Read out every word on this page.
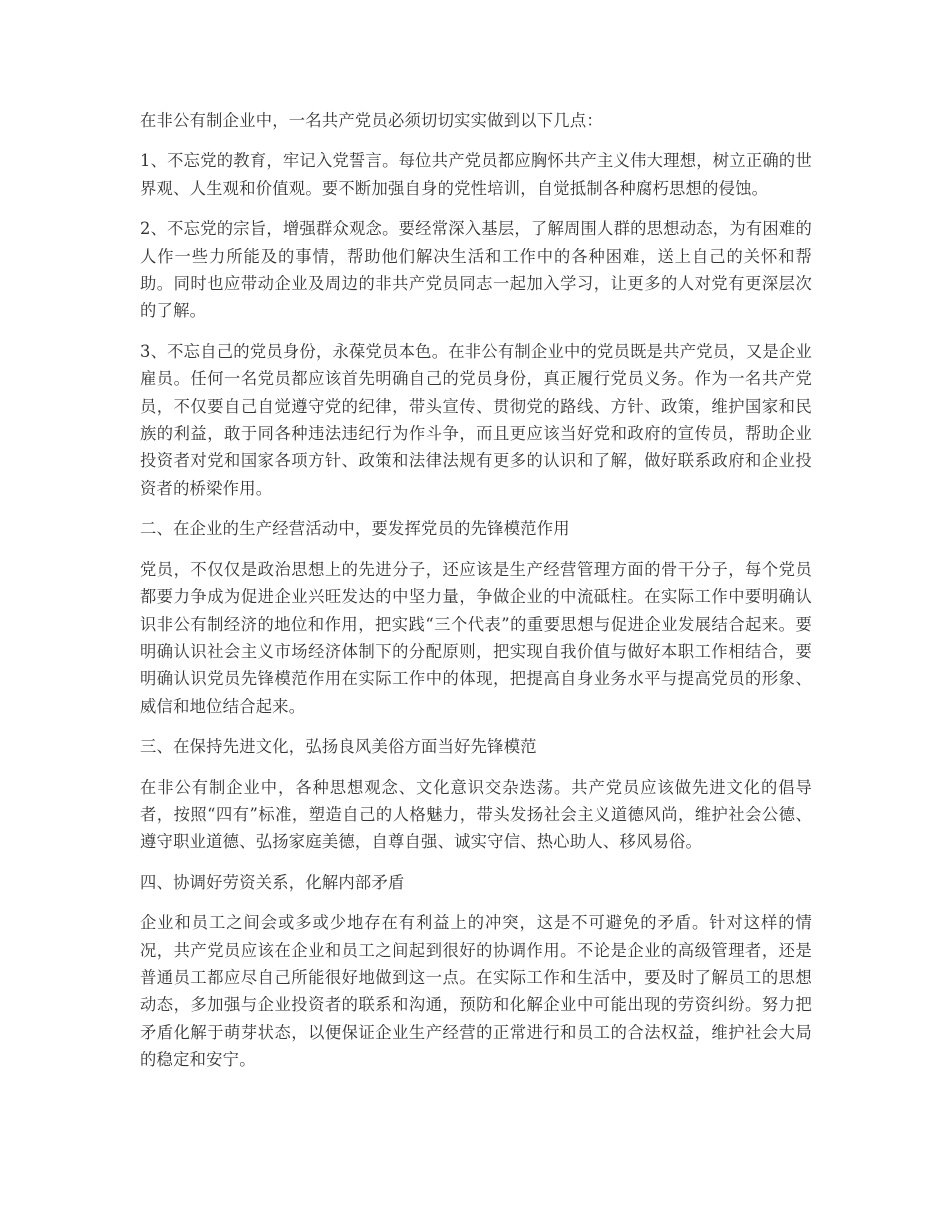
在非公有制企业中，一名共产党员必须切切实实做到以下几点：

1、不忘党的教育，牢记入党誓言。每位共产党员都应胸怀共产主义伟大理想，树立正确的世界观、人生观和价值观。要不断加强自身的党性培训，自觉抵制各种腐朽思想的侵蚀。

2、不忘党的宗旨，增强群众观念。要经常深入基层，了解周围人群的思想动态，为有困难的人作一些力所能及的事情，帮助他们解决生活和工作中的各种困难，送上自己的关怀和帮助。同时也应带动企业及周边的非共产党员同志一起加入学习，让更多的人对党有更深层次的了解。

3、不忘自己的党员身份，永葆党员本色。在非公有制企业中的党员既是共产党员，又是企业雇员。任何一名党员都应该首先明确自己的党员身份，真正履行党员义务。作为一名共产党员，不仅要自己自觉遵守党的纪律，带头宣传、贯彻党的路线、方针、政策，维护国家和民族的利益，敢于同各种违法违纪行为作斗争，而且更应该当好党和政府的宣传员，帮助企业投资者对党和国家各项方针、政策和法律法规有更多的认识和了解，做好联系政府和企业投资者的桥梁作用。

二、在企业的生产经营活动中，要发挥党员的先锋模范作用

党员，不仅仅是政治思想上的先进分子，还应该是生产经营管理方面的骨干分子，每个党员都要力争成为促进企业兴旺发达的中坚力量，争做企业的中流砥柱。在实际工作中要明确认识非公有制经济的地位和作用，把实践“三个代表”的重要思想与促进企业发展结合起来。要明确认识社会主义市场经济体制下的分配原则，把实现自我价值与做好本职工作相结合，要明确认识党员先锋模范作用在实际工作中的体现，把提高自身业务水平与提高党员的形象、威信和地位结合起来。

三、在保持先进文化，弘扬良风美俗方面当好先锋模范

在非公有制企业中，各种思想观念、文化意识交杂迭荡。共产党员应该做先进文化的倡导者，按照“四有”标准，塑造自己的人格魅力，带头发扬社会主义道德风尚，维护社会公德、遵守职业道德、弘扬家庭美德，自尊自强、诚实守信、热心助人、移风易俗。

四、协调好劳资关系，化解内部矛盾

企业和员工之间会或多或少地存在有利益上的冲突，这是不可避免的矛盾。针对这样的情况，共产党员应该在企业和员工之间起到很好的协调作用。不论是企业的高级管理者，还是普通员工都应尽自己所能很好地做到这一点。在实际工作和生活中，要及时了解员工的思想动态，多加强与企业投资者的联系和沟通，预防和化解企业中可能出现的劳资纠纷。努力把矛盾化解于萌芽状态，以便保证企业生产经营的正常进行和员工的合法权益，维护社会大局的稳定和安宁。
